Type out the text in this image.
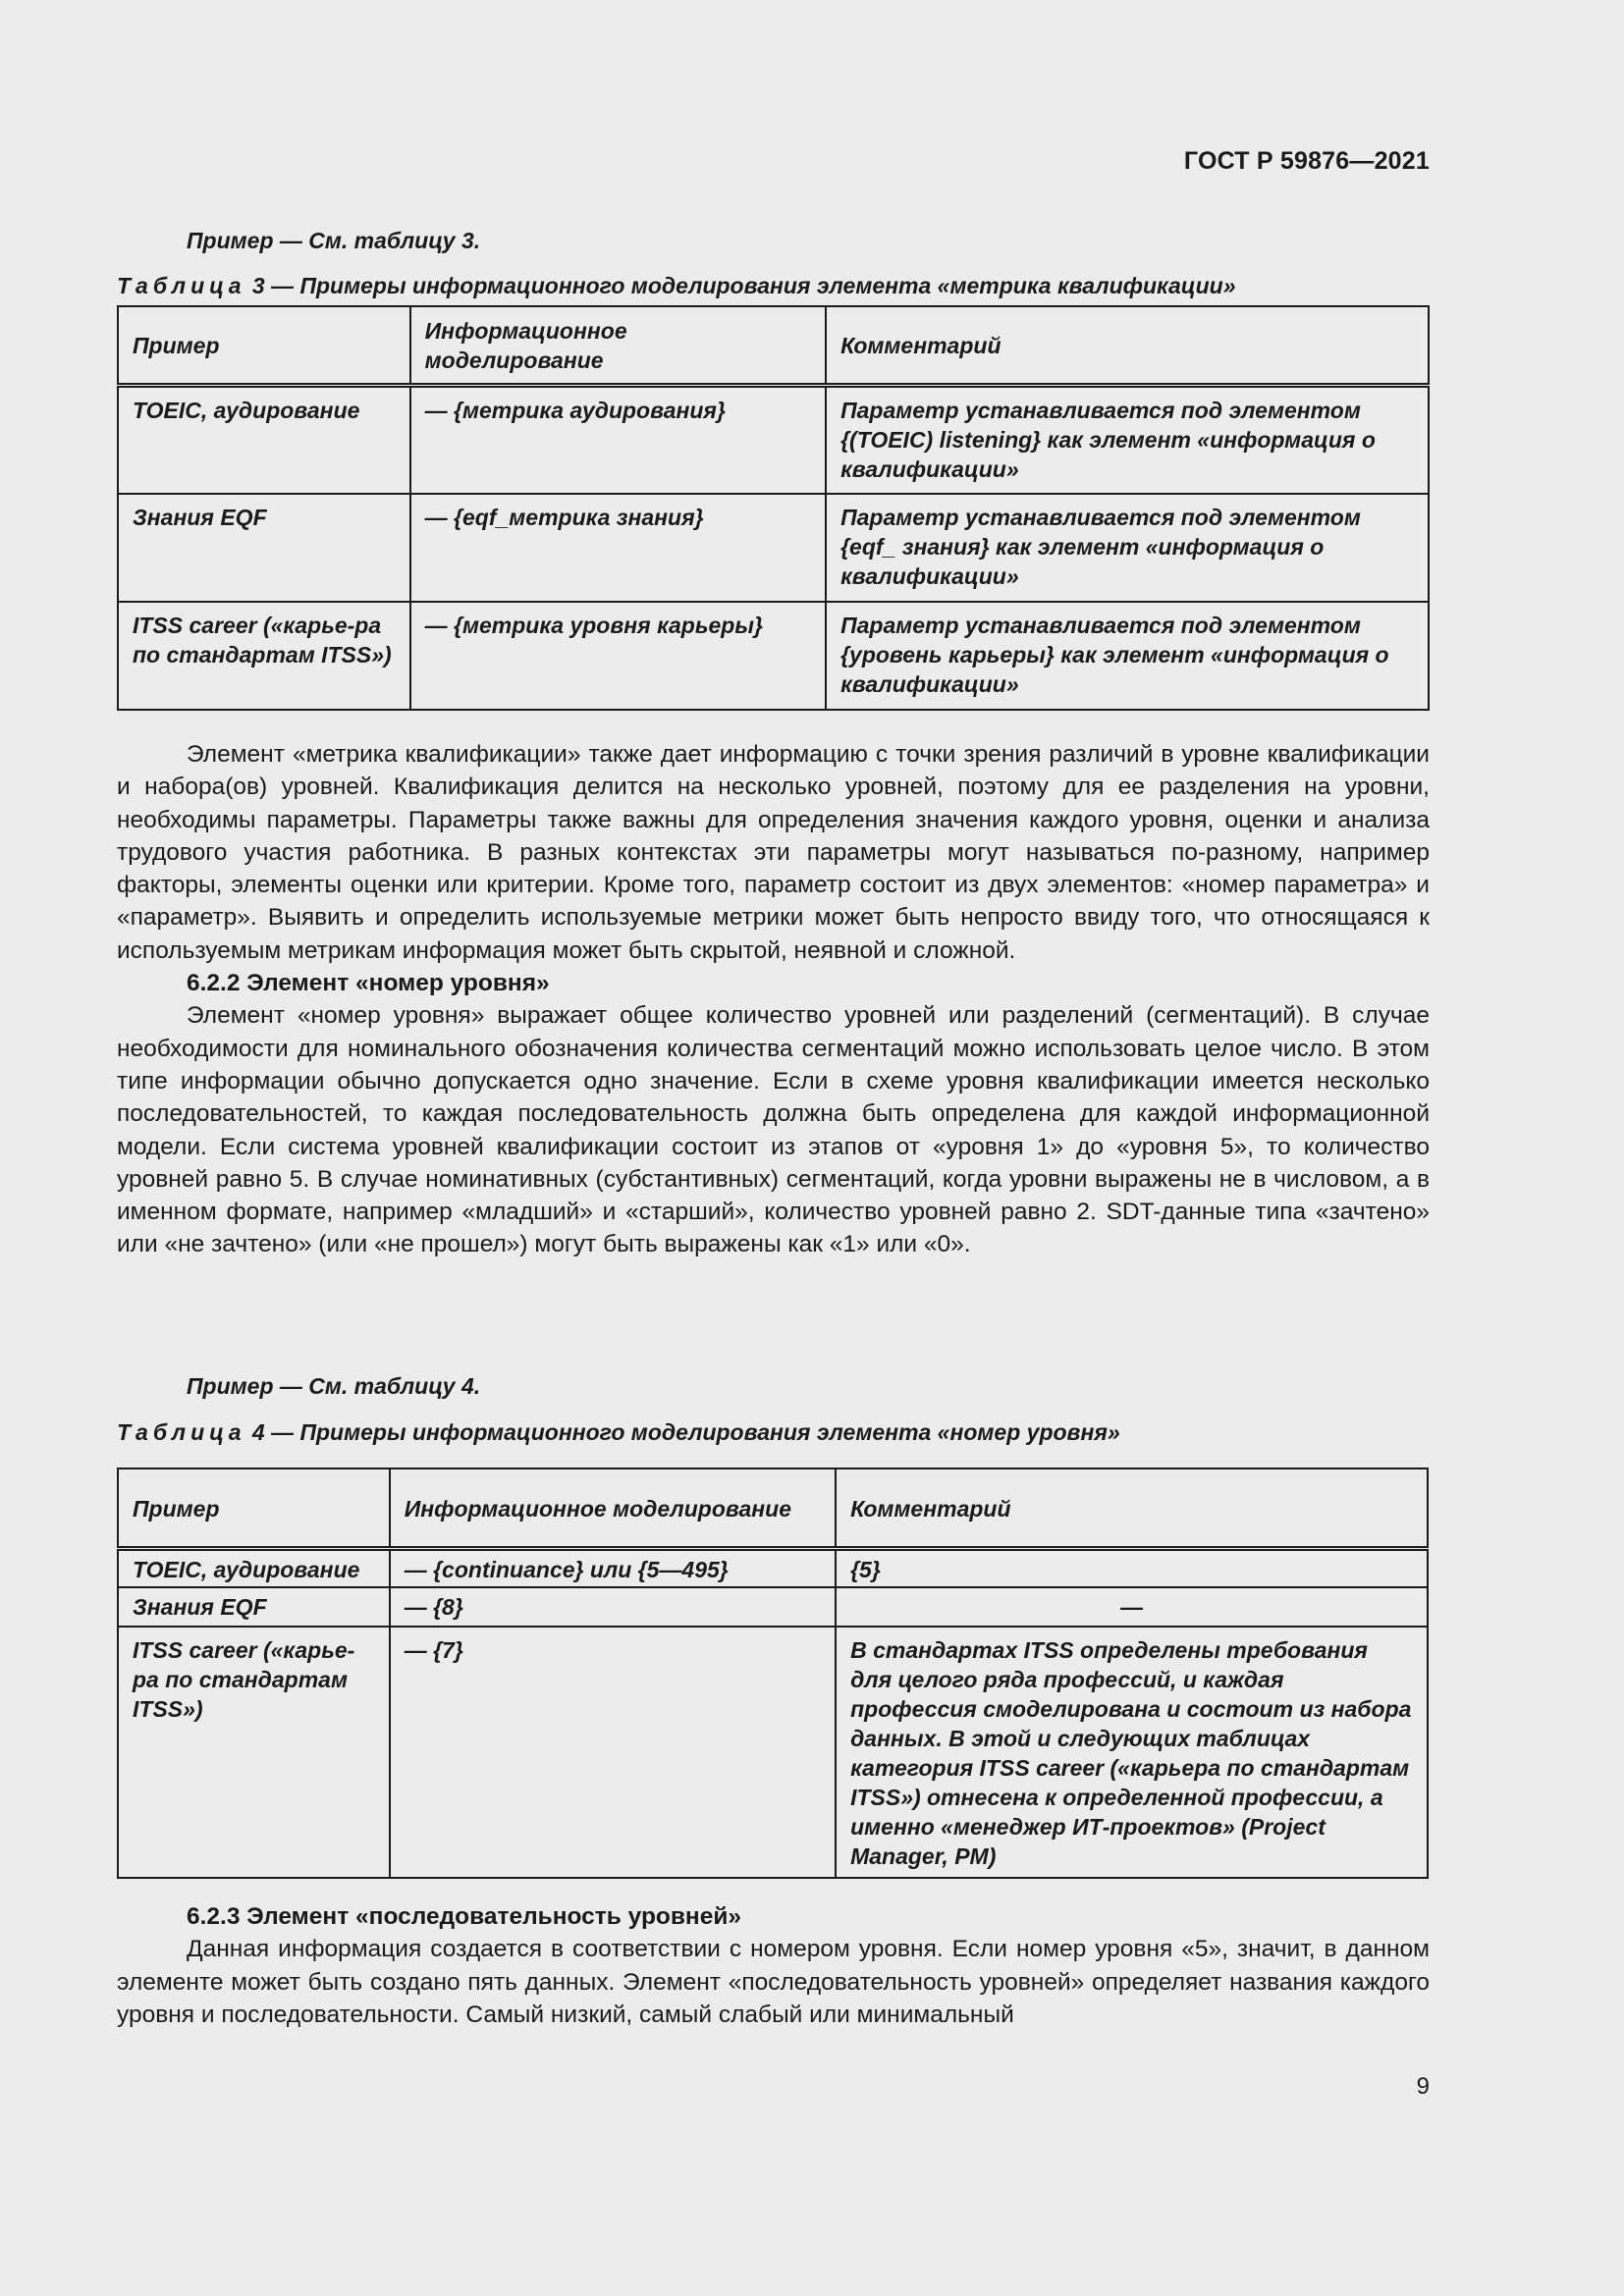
ГОСТ Р 59876—2021
Пример — См. таблицу 3.
Таблица 3 — Примеры информационного моделирования элемента «метрика квалификации»
Пример	Информационное моделирование	Комментарий
TOEIC, аудирование	— {метрика аудирования}	Параметр устанавливается под элементом {(TOEIC) listening} как элемент «информация о квалификации»
Знания EQF	— {eqf_метрика знания}	Параметр устанавливается под элементом {eqf_ знания} как элемент «информация о квалификации»
ITSS career («карье-ра по стандартам ITSS»)	— {метрика уровня карьеры}	Параметр устанавливается под элементом {уровень карьеры} как элемент «информация о квалификации»

Элемент «метрика квалификации» также дает информацию с точки зрения различий в уровне квалификации и набора(ов) уровней. Квалификация делится на несколько уровней, поэтому для ее разделения на уровни, необходимы параметры. Параметры также важны для определения значения каждого уровня, оценки и анализа трудового участия работника. В разных контекстах эти параметры могут называться по-разному, например факторы, элементы оценки или критерии. Кроме того, параметр состоит из двух элементов: «номер параметра» и «параметр». Выявить и определить используемые метрики может быть непросто ввиду того, что относящаяся к используемым метрикам информация может быть скрытой, неявной и сложной.

6.2.2 Элемент «номер уровня»

Элемент «номер уровня» выражает общее количество уровней или разделений (сегментаций). В случае необходимости для номинального обозначения количества сегментаций можно использовать целое число. В этом типе информации обычно допускается одно значение. Если в схеме уровня квалификации имеется несколько последовательностей, то каждая последовательность должна быть определена для каждой информационной модели. Если система уровней квалификации состоит из этапов от «уровня 1» до «уровня 5», то количество уровней равно 5. В случае номинативных (субстантивных) сегментаций, когда уровни выражены не в числовом, а в именном формате, например «младший» и «старший», количество уровней равно 2. SDT-данные типа «зачтено» или «не зачтено» (или «не прошел») могут быть выражены как «1» или «0».

Пример — См. таблицу 4.
Таблица 4 — Примеры информационного моделирования элемента «номер уровня»
Пример	Информационное моделирование	Комментарий
TOEIC, аудирование	— {continuance} или {5—495}	{5}
Знания EQF	— {8}	—
ITSS career («карье-ра по стандартам ITSS»)	— {7}	В стандартах ITSS определены требования для целого ряда профессий, и каждая профессия смоделирована и состоит из набора данных. В этой и следующих таблицах категория ITSS career («карьера по стандартам ITSS») отнесена к определенной профессии, а именно «менеджер ИТ-проектов» (Project Manager, PM)

6.2.3 Элемент «последовательность уровней»

Данная информация создается в соответствии с номером уровня. Если номер уровня «5», значит, в данном элементе может быть создано пять данных. Элемент «последовательность уровней» определяет названия каждого уровня и последовательности. Самый низкий, самый слабый или минимальный

9
